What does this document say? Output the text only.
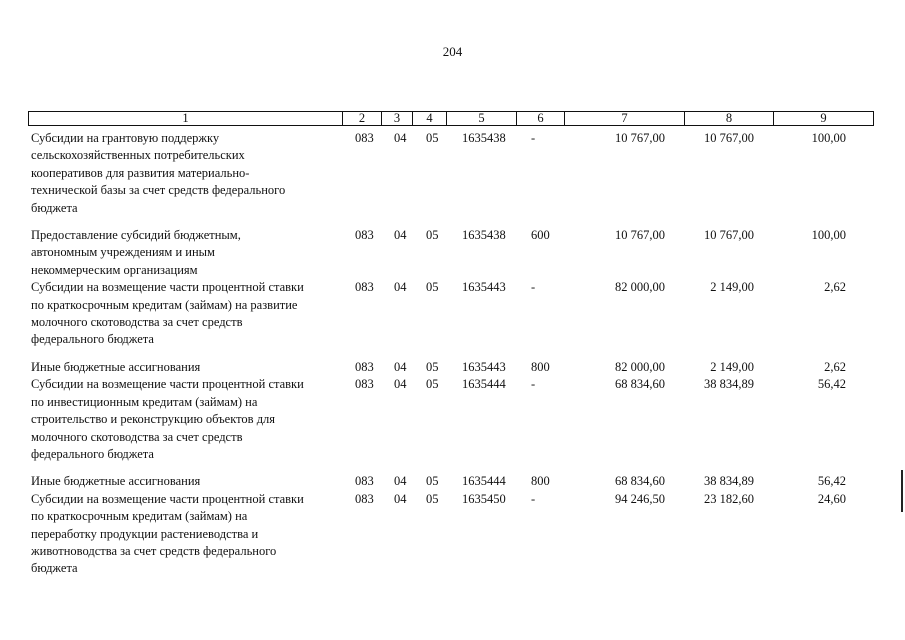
204
1	2	3	4	5	6	7	8	9
Субсидии на грантовую поддержку
сельскохозяйственных потребительских
кооперативов для развития материально-
технической базы за счет средств федерального
бюджета
083 04 05 1635438 -	10 767,00	10 767,00	100,00
Предоставление субсидий бюджетным,
автономным учреждениям и иным
некоммерческим организациям
083 04 05 1635438 600	10 767,00	10 767,00	100,00
Субсидии на возмещение части процентной ставки
по краткосрочным кредитам (займам) на развитие
молочного скотоводства за счет средств
федерального бюджета
083 04 05 1635443 -	82 000,00	2 149,00	2,62
Иные бюджетные ассигнования	083 04 05 1635443 800	82 000,00	2 149,00	2,62
Субсидии на возмещение части процентной ставки
по инвестиционным кредитам (займам) на
строительство и реконструкцию объектов для
молочного скотоводства за счет средств
федерального бюджета
083 04 05 1635444 -	68 834,60	38 834,89	56,42
Иные бюджетные ассигнования	083 04 05 1635444 800	68 834,60	38 834,89	56,42
Субсидии на возмещение части процентной ставки
по краткосрочным кредитам (займам) на
переработку продукции растениеводства и
животноводства за счет средств федерального
бюджета
083 04 05 1635450 -	94 246,50	23 182,60	24,60
